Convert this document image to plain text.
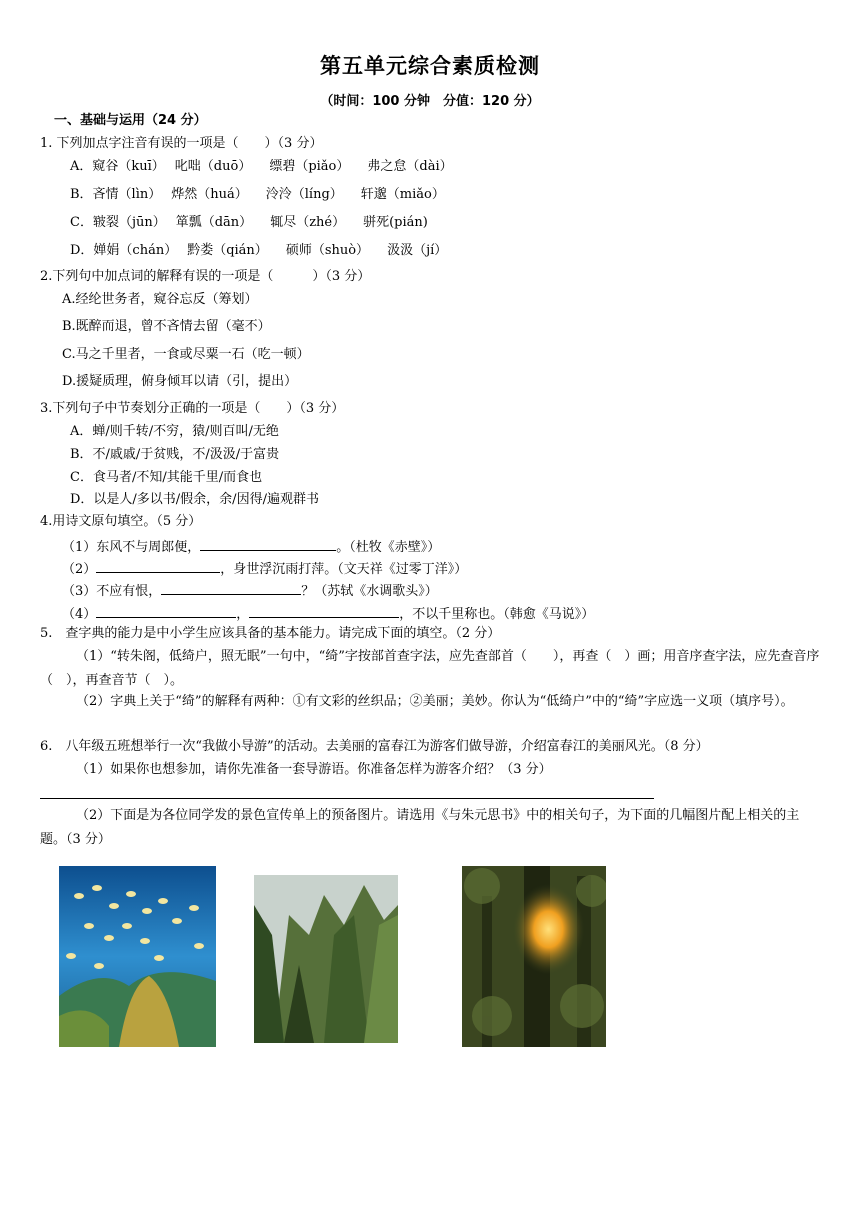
第五单元综合素质检测
（时间：100 分钟　分值：120 分）
一、基础与运用（24 分）
1. 下列加点字注音有误的一项是（　　）（3 分）
A．窥谷（kuī） 叱咄（duō） 缥碧（piǎo） 弗之怠（dài）
B．吝情（lìn） 烨然（huá） 泠泠（líng） 轩邈（miǎo）
C．皲裂（jūn） 箪瓢（dān） 辄尽（zhé） 骈死(pián)
D．婵娟（chán） 黔娄（qián） 硕师（shuò） 汲汲（jí）
2.下列句中加点词的解释有误的一项是（　　　）（3 分）
A.经纶世务者，窥谷忘反（筹划）
B.既醉而退，曾不吝情去留（毫不）
C.马之千里者，一食或尽粟一石（吃一顿）
D.援疑质理，俯身倾耳以请（引，提出）
3.下列句子中节奏划分正确的一项是（　　）（3 分）
A．蝉/则千转/不穷，猿/则百叫/无绝
B．不/戚戚/于贫贱，不/汲汲/于富贵
C．食马者/不知/其能千里/而食也
D．以是人/多以书/假余，余/因得/遍观群书
4.用诗文原句填空。（5 分）
（1）东风不与周郎便，	。（杜牧《赤壁》）
（2）	，身世浮沉雨打萍。（文天祥《过零丁洋》）
（3）不应有恨，	？（苏轼《水调歌头》）
（4）	，	，不以千里称也。（韩愈《马说》）
5.　查字典的能力是中小学生应该具备的基本能力。请完成下面的填空。（2 分）
（1）“转朱阁，低绮户，照无眠”一句中，“绮”字按部首查字法，应先查部首（　　），再查（　）画；用音序查字法，应先查音序（　），再查音节（　）。
（2）字典上关于“绮”的解释有两种：①有文彩的丝织品；②美丽；美妙。你认为“低绮户”中的“绮”字应选一义项（填序号）。
6.　八年级五班想举行一次“我做小导游”的活动。去美丽的富春江为游客们做导游，介绍富春江的美丽风光。（8 分）
（1）如果你也想参加，请你先准备一套导游语。你准备怎样为游客介绍？（3 分）
（2）下面是为各位同学发的景色宣传单上的预备图片。请选用《与朱元思书》中的相关句子，为下面的几幅图片配上相关的主题。（3 分）
